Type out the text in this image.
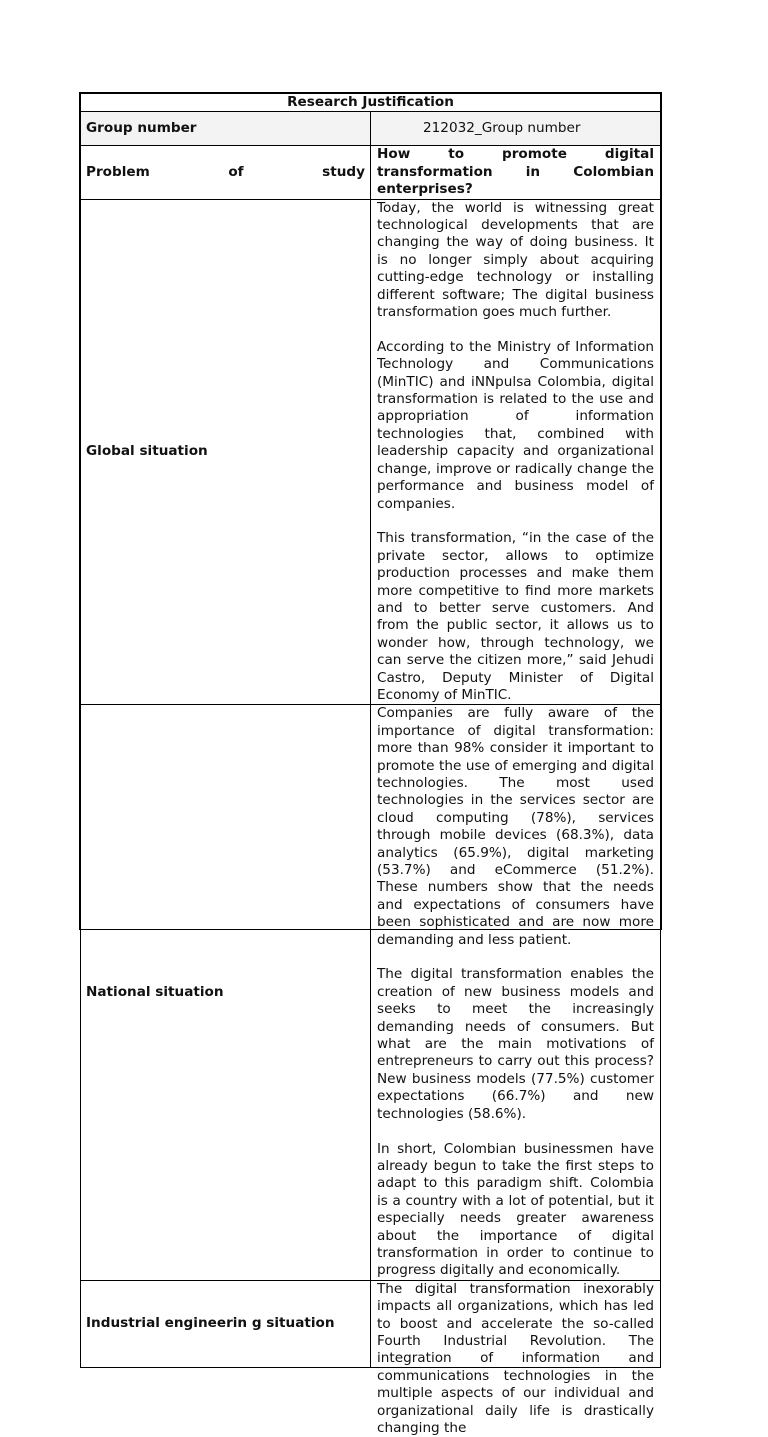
Research Justification	
Group number	212032_Group number
Problem of study	How to promote digital transformation in Colombian enterprises?
Global situation	Today, the world is witnessing great technological developments that are changing the way of doing business. It is no longer simply about acquiring cutting-edge technology or installing different software; The digital business transformation goes much further.

According to the Ministry of Information Technology and Communications (MinTIC) and iNNpulsa Colombia, digital transformation is related to the use and appropriation of information technologies that, combined with leadership capacity and organizational change, improve or radically change the performance and business model of companies.

This transformation, “in the case of the private sector, allows to optimize production processes and make them more competitive to find more markets and to better serve customers. And from the public sector, it allows us to wonder how, through technology, we can serve the citizen more,” said Jehudi Castro, Deputy Minister of Digital Economy of MinTIC.

National situation	Companies are fully aware of the importance of digital transformation: more than 98% consider it important to promote the use of emerging and digital technologies. The most used technologies in the services sector are cloud computing (78%), services through mobile devices (68.3%), data analytics (65.9%), digital marketing (53.7%) and eCommerce (51.2%). These numbers show that the needs and expectations of consumers have been sophisticated and are now more demanding and less patient.

The digital transformation enables the creation of new business models and seeks to meet the increasingly demanding needs of consumers. But what are the main motivations of entrepreneurs to carry out this process? New business models (77.5%) customer expectations (66.7%) and new technologies (58.6%).

In short, Colombian businessmen have already begun to take the first steps to adapt to this paradigm shift. Colombia is a country with a lot of potential, but it especially needs greater awareness about the importance of digital transformation in order to continue to progress digitally and economically.

Industrial engineerin g situation	The digital transformation inexorably impacts all organizations, which has led to boost and accelerate the so-called Fourth Industrial Revolution. The integration of information and communications technologies in the multiple aspects of our individual and organizational daily life is drastically changing the
